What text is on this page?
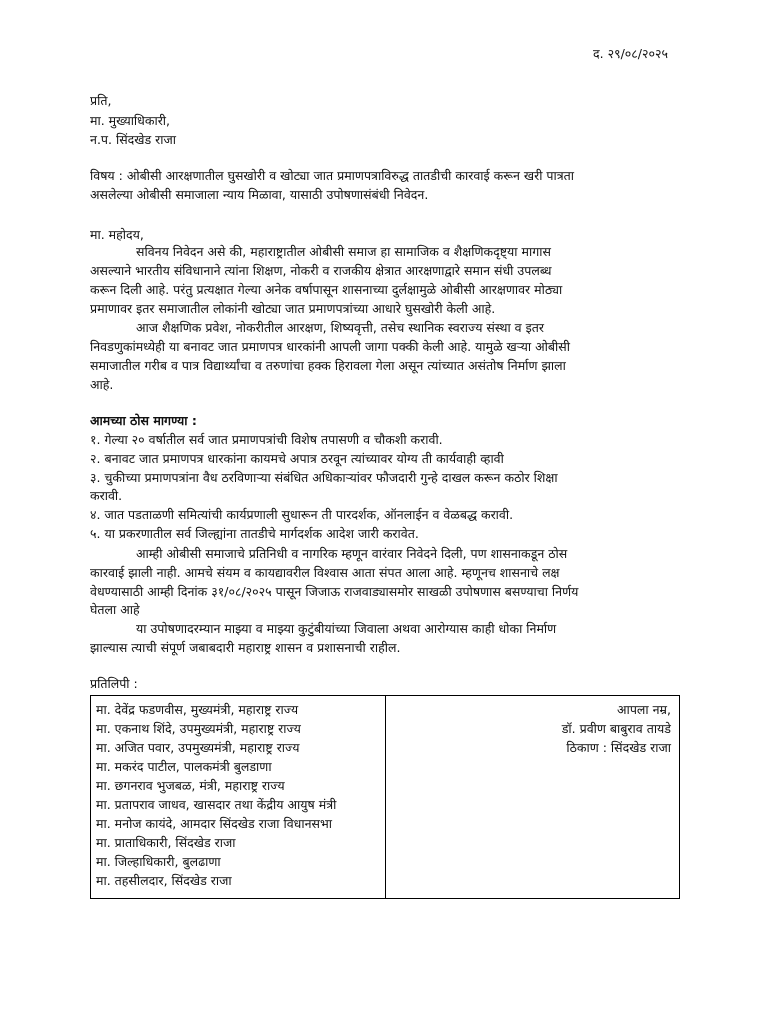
द. २९/०८/२०२५
प्रति,
मा. मुख्याधिकारी,
न.प. सिंदखेड राजा
विषय : ओबीसी आरक्षणातील घुसखोरी व खोट्या जात प्रमाणपत्राविरुद्ध तातडीची कारवाई करून खरी पात्रता
असलेल्या ओबीसी समाजाला न्याय मिळावा, यासाठी उपोषणासंबंधी निवेदन.
मा. महोदय,
सविनय निवेदन असे की, महाराष्ट्रातील ओबीसी समाज हा सामाजिक व शैक्षणिकदृष्ट्या मागास
असल्याने भारतीय संविधानाने त्यांना शिक्षण, नोकरी व राजकीय क्षेत्रात आरक्षणाद्वारे समान संधी उपलब्ध
करून दिली आहे. परंतु प्रत्यक्षात गेल्या अनेक वर्षापासून शासनाच्या दुर्लक्षामुळे ओबीसी आरक्षणावर मोठ्या
प्रमाणावर इतर समाजातील लोकांनी खोट्या जात प्रमाणपत्रांच्या आधारे घुसखोरी केली आहे.
आज शैक्षणिक प्रवेश, नोकरीतील आरक्षण, शिष्यवृत्ती, तसेच स्थानिक स्वराज्य संस्था व इतर
निवडणुकांमध्येही या बनावट जात प्रमाणपत्र धारकांनी आपली जागा पक्की केली आहे. यामुळे खऱ्या ओबीसी
समाजातील गरीब व पात्र विद्यार्थ्यांचा व तरुणांचा हक्क हिरावला गेला असून त्यांच्यात असंतोष निर्माण झाला
आहे.
आमच्या ठोस मागण्या :
१. गेल्या २० वर्षातील सर्व जात प्रमाणपत्रांची विशेष तपासणी व चौकशी करावी.
२. बनावट जात प्रमाणपत्र धारकांना कायमचे अपात्र ठरवून त्यांच्यावर योग्य ती कार्यवाही व्हावी
३. चुकीच्या प्रमाणपत्रांना वैध ठरविणाऱ्या संबंधित अधिकाऱ्यांवर फौजदारी गुन्हे दाखल करून कठोर शिक्षा
करावी.
४. जात पडताळणी समित्यांची कार्यप्रणाली सुधारून ती पारदर्शक, ऑनलाईन व वेळबद्ध करावी.
५. या प्रकरणातील सर्व जिल्ह्यांना तातडीचे मार्गदर्शक आदेश जारी करावेत.
आम्ही ओबीसी समाजाचे प्रतिनिधी व नागरिक म्हणून वारंवार निवेदने दिली, पण शासनाकडून ठोस
कारवाई झाली नाही. आमचे संयम व कायद्यावरील विश्वास आता संपत आला आहे. म्हणूनच शासनाचे लक्ष
वेधण्यासाठी आम्ही दिनांक ३१/०८/२०२५ पासून जिजाऊ राजवाड्यासमोर साखळी उपोषणास बसण्याचा निर्णय
घेतला आहे
या उपोषणादरम्यान माझ्या व माझ्या कुटुंबीयांच्या जिवाला अथवा आरोग्यास काही धोका निर्माण
झाल्यास त्याची संपूर्ण जबाबदारी महाराष्ट्र शासन व प्रशासनाची राहील.
प्रतिलिपी :
मा. देवेंद्र फडणवीस, मुख्यमंत्री, महाराष्ट्र राज्य
मा. एकनाथ शिंदे, उपमुख्यमंत्री, महाराष्ट्र राज्य
मा. अजित पवार, उपमुख्यमंत्री, महाराष्ट्र राज्य
मा. मकरंद पाटील, पालकमंत्री बुलडाणा
मा. छगनराव भुजबळ, मंत्री, महाराष्ट्र राज्य
मा. प्रतापराव जाधव, खासदार तथा केंद्रीय आयुष मंत्री
मा. मनोज कायंदे, आमदार सिंदखेड राजा विधानसभा
मा. प्राताधिकारी, सिंदखेड राजा
मा. जिल्हाधिकारी, बुलढाणा
मा. तहसीलदार, सिंदखेड राजा
आपला नम्र,
डॉ. प्रवीण बाबुराव तायडे
ठिकाण : सिंदखेड राजा
